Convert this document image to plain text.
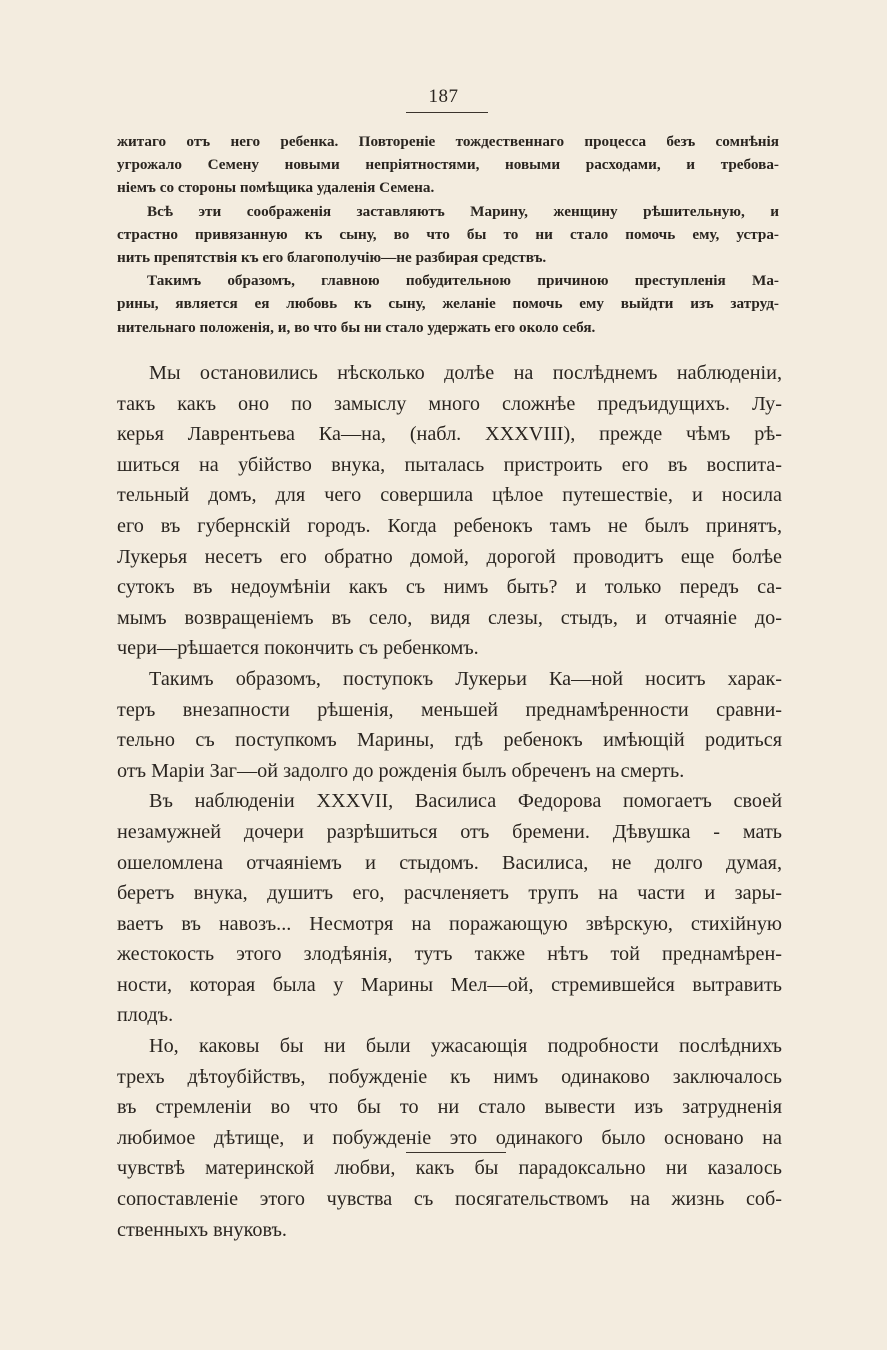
187
житаго отъ него ребенка. Повтореніе тождественнаго процесса безъ сомнѣнія
угрожало Семену новыми непріятностями, новыми расходами, и требова-
ніемъ со стороны помѣщика удаленія Семена.
Всѣ эти соображенія заставляютъ Марину, женщину рѣшительную, и
страстно привязанную къ сыну, во что бы то ни стало помочь ему, устра-
нить препятствія къ его благополучію—не разбирая средствъ.
Такимъ образомъ, главною побудительною причиною преступленія Ма-
рины, является ея любовь къ сыну, желаніе помочь ему выйдти изъ затруд-
нительнаго положенія, и, во что бы ни стало удержать его около себя.
Мы остановились нѣсколько долѣе на послѣднемъ наблюденіи,
такъ какъ оно по замыслу много сложнѣе предъидущихъ. Лу-
керья Лаврентьева Ка—на, (набл. XXXVIII), прежде чѣмъ рѣ-
шиться на убійство внука, пыталась пристроить его въ воспита-
тельный домъ, для чего совершила цѣлое путешествіе, и носила
его въ губернскій городъ. Когда ребенокъ тамъ не былъ принятъ,
Лукерья несетъ его обратно домой, дорогой проводитъ еще болѣе
сутокъ въ недоумѣніи какъ съ нимъ быть? и только передъ са-
мымъ возвращеніемъ въ село, видя слезы, стыдъ, и отчаяніе до-
чери—рѣшается покончить съ ребенкомъ.
Такимъ образомъ, поступокъ Лукерьи Ка—ной носитъ харак-
теръ внезапности рѣшенія, меньшей преднамѣренности сравни-
тельно съ поступкомъ Марины, гдѣ ребенокъ имѣющій родиться
отъ Маріи Заг—ой задолго до рожденія былъ обреченъ на смерть.
Въ наблюденіи XXXVII, Василиса Федорова помогаетъ своей
незамужней дочери разрѣшиться отъ бремени. Дѣвушка - мать
ошеломлена отчаяніемъ и стыдомъ. Василиса, не долго думая,
беретъ внука, душитъ его, расчленяетъ трупъ на части и зары-
ваетъ въ навозъ... Несмотря на поражающую звѣрскую, стихійную
жестокость этого злодѣянія, тутъ также нѣтъ той преднамѣрен-
ности, которая была у Марины Мел—ой, стремившейся вытравить
плодъ.
Но, каковы бы ни были ужасающія подробности послѣднихъ
трехъ дѣтоубійствъ, побужденіе къ нимъ одинаково заключалось
въ стремленіи во что бы то ни стало вывести изъ затрудненія
любимое дѣтище, и побужденіе это одинакого было основано на
чувствѣ материнской любви, какъ бы парадоксально ни казалось
сопоставленіе этого чувства съ посягательствомъ на жизнь соб-
ственныхъ внуковъ.
